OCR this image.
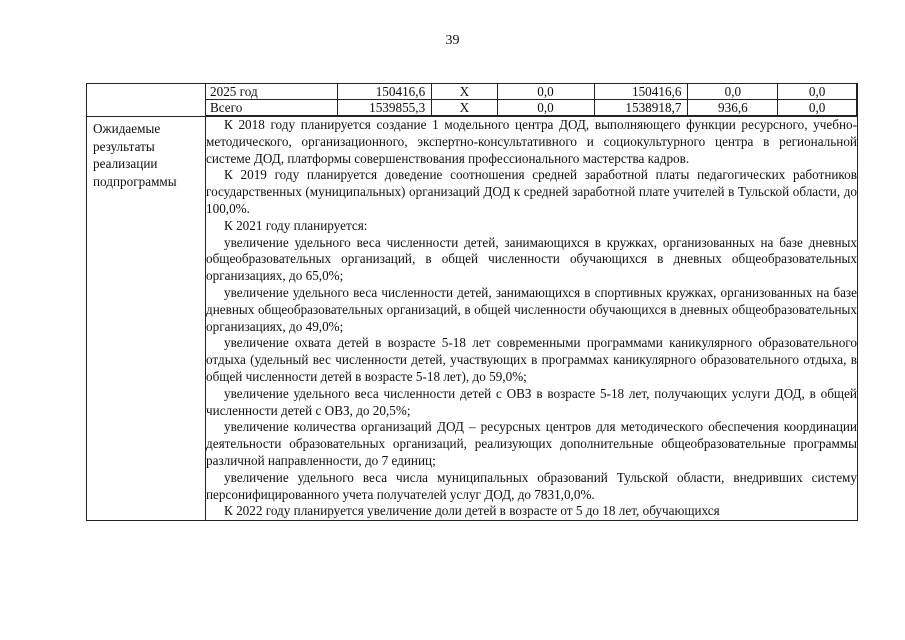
39

2025 год	150416,6	Х	0,0	150416,6	0,0	0,0
Всего	1539855,3	Х	0,0	1538918,7	936,6	0,0

Ожидаемые результаты реализации подпрограммы

К 2018 году планируется создание 1 модельного центра ДОД, выполняющего функции ресурсного, учебно-методического, организационного, экспертно-консультативного и социокультурного центра в региональной системе ДОД, платформы совершенствования профессионального мастерства кадров.

К 2019 году планируется доведение соотношения средней заработной платы педагогических работников государственных (муниципальных) организаций ДОД к средней заработной плате учителей в Тульской области, до 100,0%.

К 2021 году планируется:

увеличение удельного веса численности детей, занимающихся в кружках, организованных на базе дневных общеобразовательных организаций, в общей численности обучающихся в дневных общеобразовательных организациях, до 65,0%;

увеличение удельного веса численности детей, занимающихся в спортивных кружках, организованных на базе дневных общеобразовательных организаций, в общей численности обучающихся в дневных общеобразовательных организациях, до 49,0%;

увеличение охвата детей в возрасте 5-18 лет современными программами каникулярного образовательного отдыха (удельный вес численности детей, участвующих в программах каникулярного образовательного отдыха, в общей численности детей в возрасте 5-18 лет), до 59,0%;

увеличение удельного веса численности детей с ОВЗ в возрасте 5-18 лет, получающих услуги ДОД, в общей численности детей с ОВЗ, до 20,5%;

увеличение количества организаций ДОД – ресурсных центров для методического обеспечения координации деятельности образовательных организаций, реализующих дополнительные общеобразовательные программы различной направленности, до 7 единиц;

увеличение удельного веса числа муниципальных образований Тульской области, внедривших систему персонифицированного учета получателей услуг ДОД, до 7831,0,0%.

К 2022 году планируется увеличение доли детей в возрасте от 5 до 18 лет, обучающихся
